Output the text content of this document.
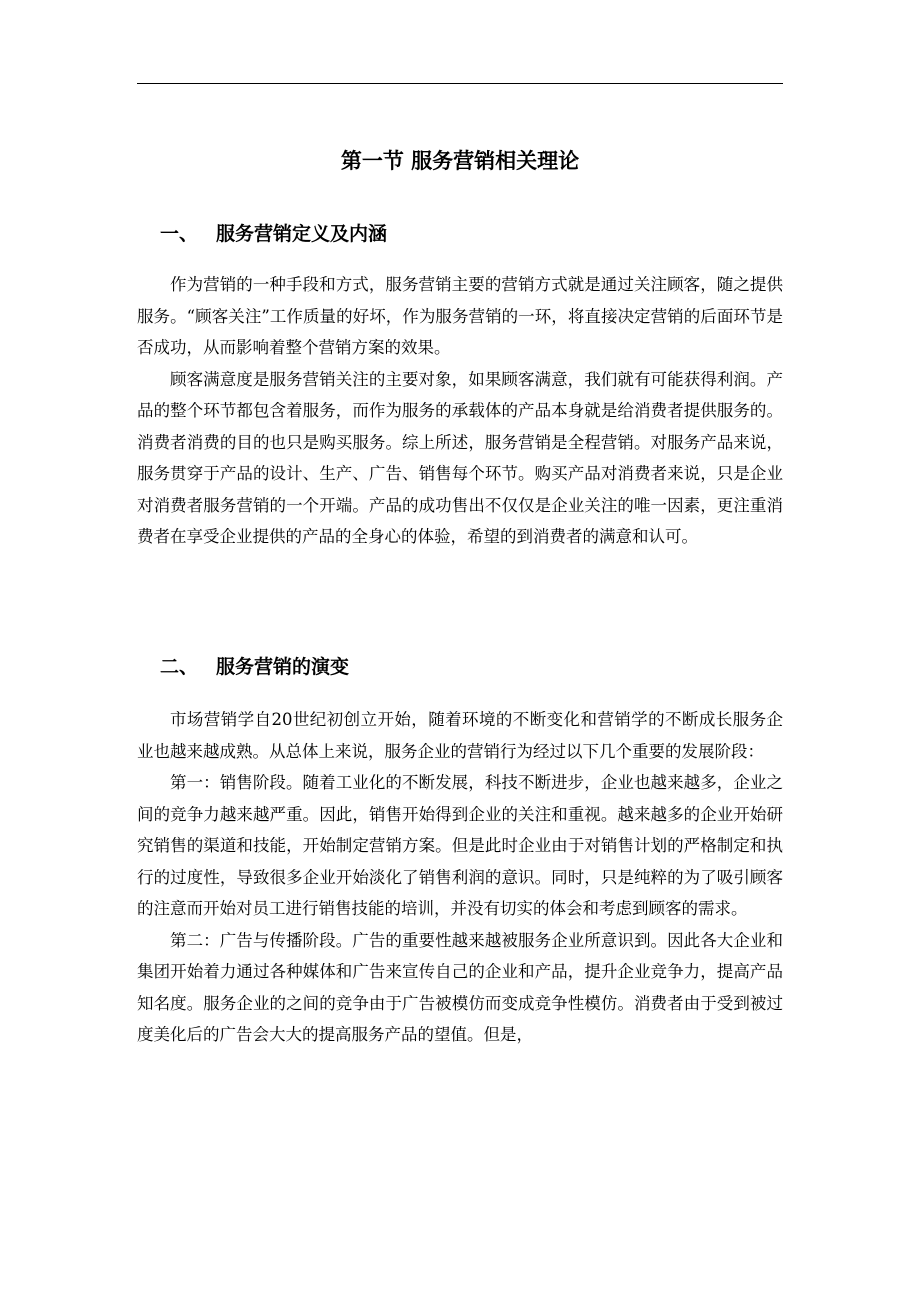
第一节 服务营销相关理论
一、 服务营销定义及内涵

作为营销的一种手段和方式，服务营销主要的营销方式就是通过关注顾客，随之提供服务。“顾客关注”工作质量的好坏，作为服务营销的一环，将直接决定营销的后面环节是否成功，从而影响着整个营销方案的效果。

顾客满意度是服务营销关注的主要对象，如果顾客满意，我们就有可能获得利润。产品的整个环节都包含着服务，而作为服务的承载体的产品本身就是给消费者提供服务的。消费者消费的目的也只是购买服务。综上所述，服务营销是全程营销。对服务产品来说，服务贯穿于产品的设计、生产、广告、销售每个环节。购买产品对消费者来说，只是企业对消费者服务营销的一个开端。产品的成功售出不仅仅是企业关注的唯一因素，更注重消费者在享受企业提供的产品的全身心的体验，希望的到消费者的满意和认可。

二、 服务营销的演变

市场营销学自20世纪初创立开始，随着环境的不断变化和营销学的不断成长服务企业也越来越成熟。从总体上来说，服务企业的营销行为经过以下几个重要的发展阶段：

第一：销售阶段。随着工业化的不断发展，科技不断进步，企业也越来越多，企业之间的竞争力越来越严重。因此，销售开始得到企业的关注和重视。越来越多的企业开始研究销售的渠道和技能，开始制定营销方案。但是此时企业由于对销售计划的严格制定和执行的过度性，导致很多企业开始淡化了销售利润的意识。同时，只是纯粹的为了吸引顾客的注意而开始对员工进行销售技能的培训，并没有切实的体会和考虑到顾客的需求。

第二：广告与传播阶段。广告的重要性越来越被服务企业所意识到。因此各大企业和集团开始着力通过各种媒体和广告来宣传自己的企业和产品，提升企业竞争力，提高产品知名度。服务企业的之间的竞争由于广告被模仿而变成竞争性模仿。消费者由于受到被过度美化后的广告会大大的提高服务产品的望值。但是，
